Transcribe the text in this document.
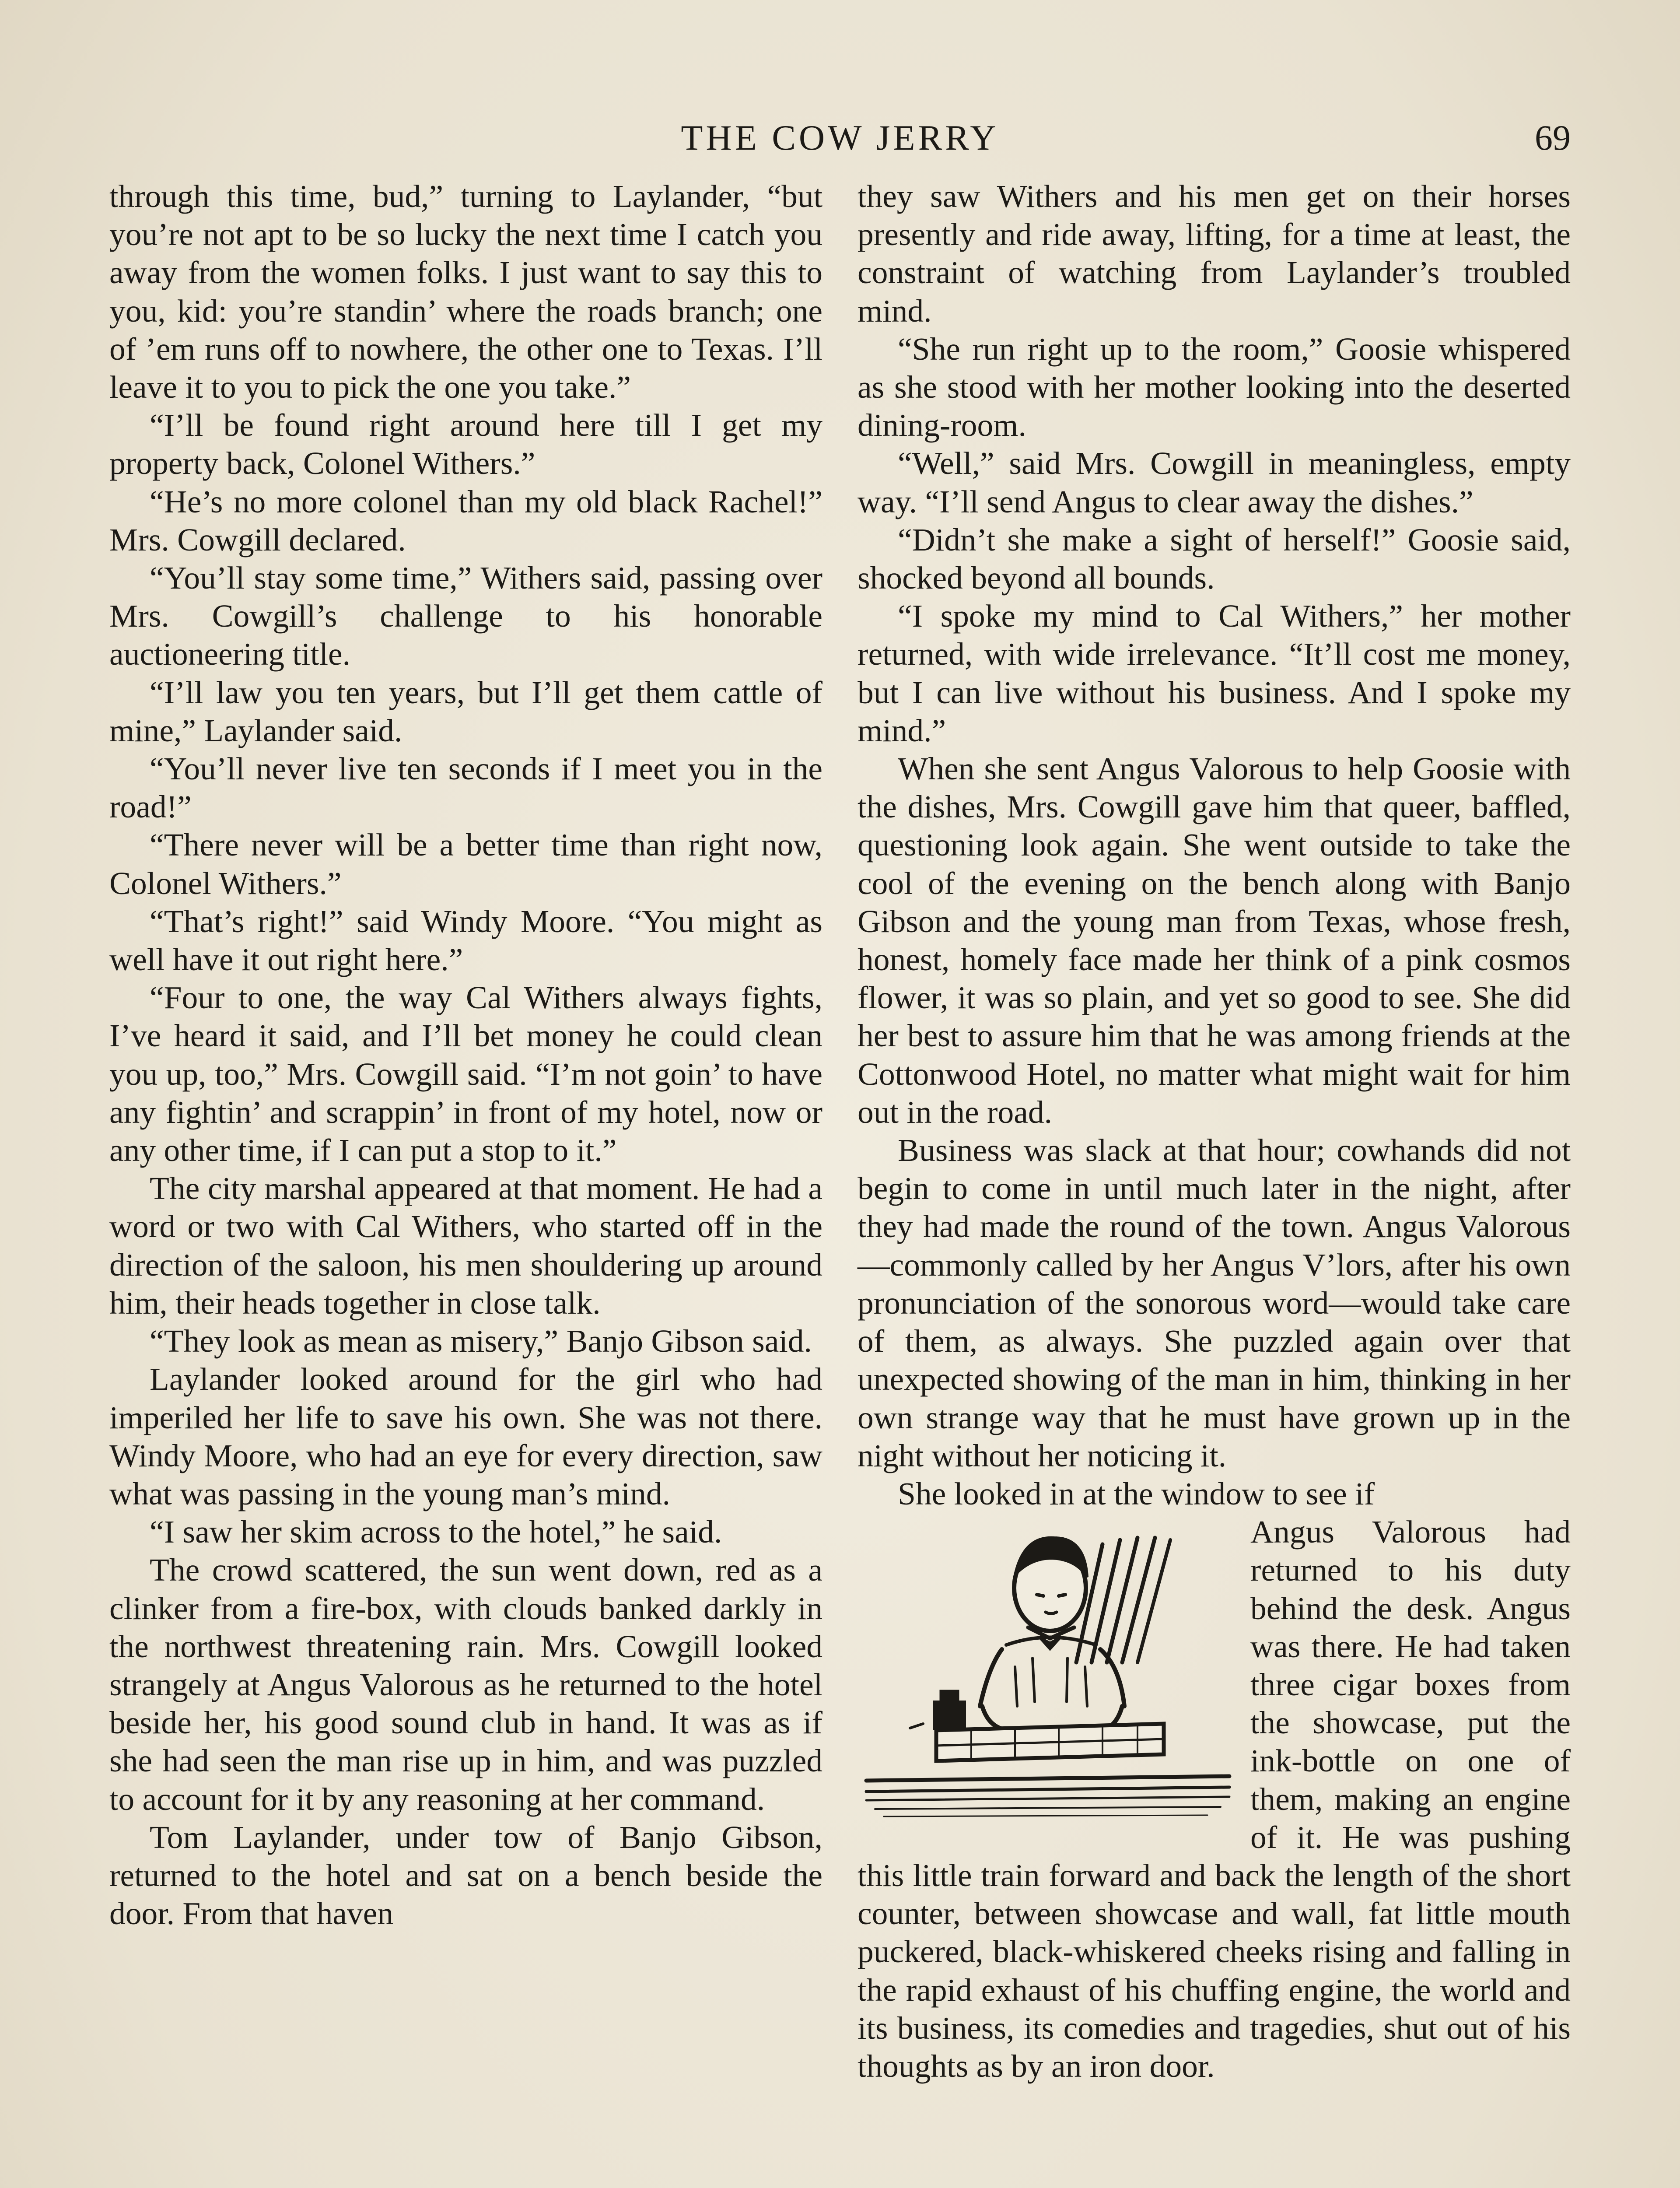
THE COW JERRY	69

through this time, bud,” turning to Laylander, “but you’re not apt to be so lucky the next time I catch you away from the women folks. I just want to say this to you, kid: you’re standin’ where the roads branch; one of ’em runs off to nowhere, the other one to Texas. I’ll leave it to you to pick the one you take.”

“I’ll be found right around here till I get my property back, Colonel Withers.”

“He’s no more colonel than my old black Rachel!” Mrs. Cowgill declared.

“You’ll stay some time,” Withers said, passing over Mrs. Cowgill’s challenge to his honorable auctioneering title.

“I’ll law you ten years, but I’ll get them cattle of mine,” Laylander said.

“You’ll never live ten seconds if I meet you in the road!”

“There never will be a better time than right now, Colonel Withers.”

“That’s right!” said Windy Moore. “You might as well have it out right here.”

“Four to one, the way Cal Withers always fights, I’ve heard it said, and I’ll bet money he could clean you up, too,” Mrs. Cowgill said. “I’m not goin’ to have any fightin’ and scrappin’ in front of my hotel, now or any other time, if I can put a stop to it.”

The city marshal appeared at that moment. He had a word or two with Cal Withers, who started off in the direction of the saloon, his men shouldering up around him, their heads together in close talk.

“They look as mean as misery,” Banjo Gibson said.

Laylander looked around for the girl who had imperiled her life to save his own. She was not there. Windy Moore, who had an eye for every direction, saw what was passing in the young man’s mind.

“I saw her skim across to the hotel,” he said.

The crowd scattered, the sun went down, red as a clinker from a fire-box, with clouds banked darkly in the northwest threatening rain. Mrs. Cowgill looked strangely at Angus Valorous as he returned to the hotel beside her, his good sound club in hand. It was as if she had seen the man rise up in him, and was puzzled to account for it by any reasoning at her command.

Tom Laylander, under tow of Banjo Gibson, returned to the hotel and sat on a bench beside the door. From that haven

they saw Withers and his men get on their horses presently and ride away, lifting, for a time at least, the constraint of watching from Laylander’s troubled mind.

“She run right up to the room,” Goosie whispered as she stood with her mother looking into the deserted dining-room.

“Well,” said Mrs. Cowgill in meaningless, empty way. “I’ll send Angus to clear away the dishes.”

“Didn’t she make a sight of herself!” Goosie said, shocked beyond all bounds.

“I spoke my mind to Cal Withers,” her mother returned, with wide irrelevance. “It’ll cost me money, but I can live without his business. And I spoke my mind.”

When she sent Angus Valorous to help Goosie with the dishes, Mrs. Cowgill gave him that queer, baffled, questioning look again. She went outside to take the cool of the evening on the bench along with Banjo Gibson and the young man from Texas, whose fresh, honest, homely face made her think of a pink cosmos flower, it was so plain, and yet so good to see. She did her best to assure him that he was among friends at the Cottonwood Hotel, no matter what might wait for him out in the road.

Business was slack at that hour; cowhands did not begin to come in until much later in the night, after they had made the round of the town. Angus Valorous—commonly called by her Angus V’lors, after his own pronunciation of the sonorous word—would take care of them, as always. She puzzled again over that unexpected showing of the man in him, thinking in her own strange way that he must have grown up in the night without her noticing it.

She looked in at the window to see if

Angus Valorous had returned to his duty behind the desk. Angus was there. He had taken three cigar boxes from the showcase, put the ink-bottle on one of them, making an engine of it. He was pushing this little train forward and back the length of the short counter, between showcase and wall, fat little mouth puckered, black-whiskered cheeks rising and falling in the rapid exhaust of his chuffing engine, the world and its business, its comedies and tragedies, shut out of his thoughts as by an iron door.
